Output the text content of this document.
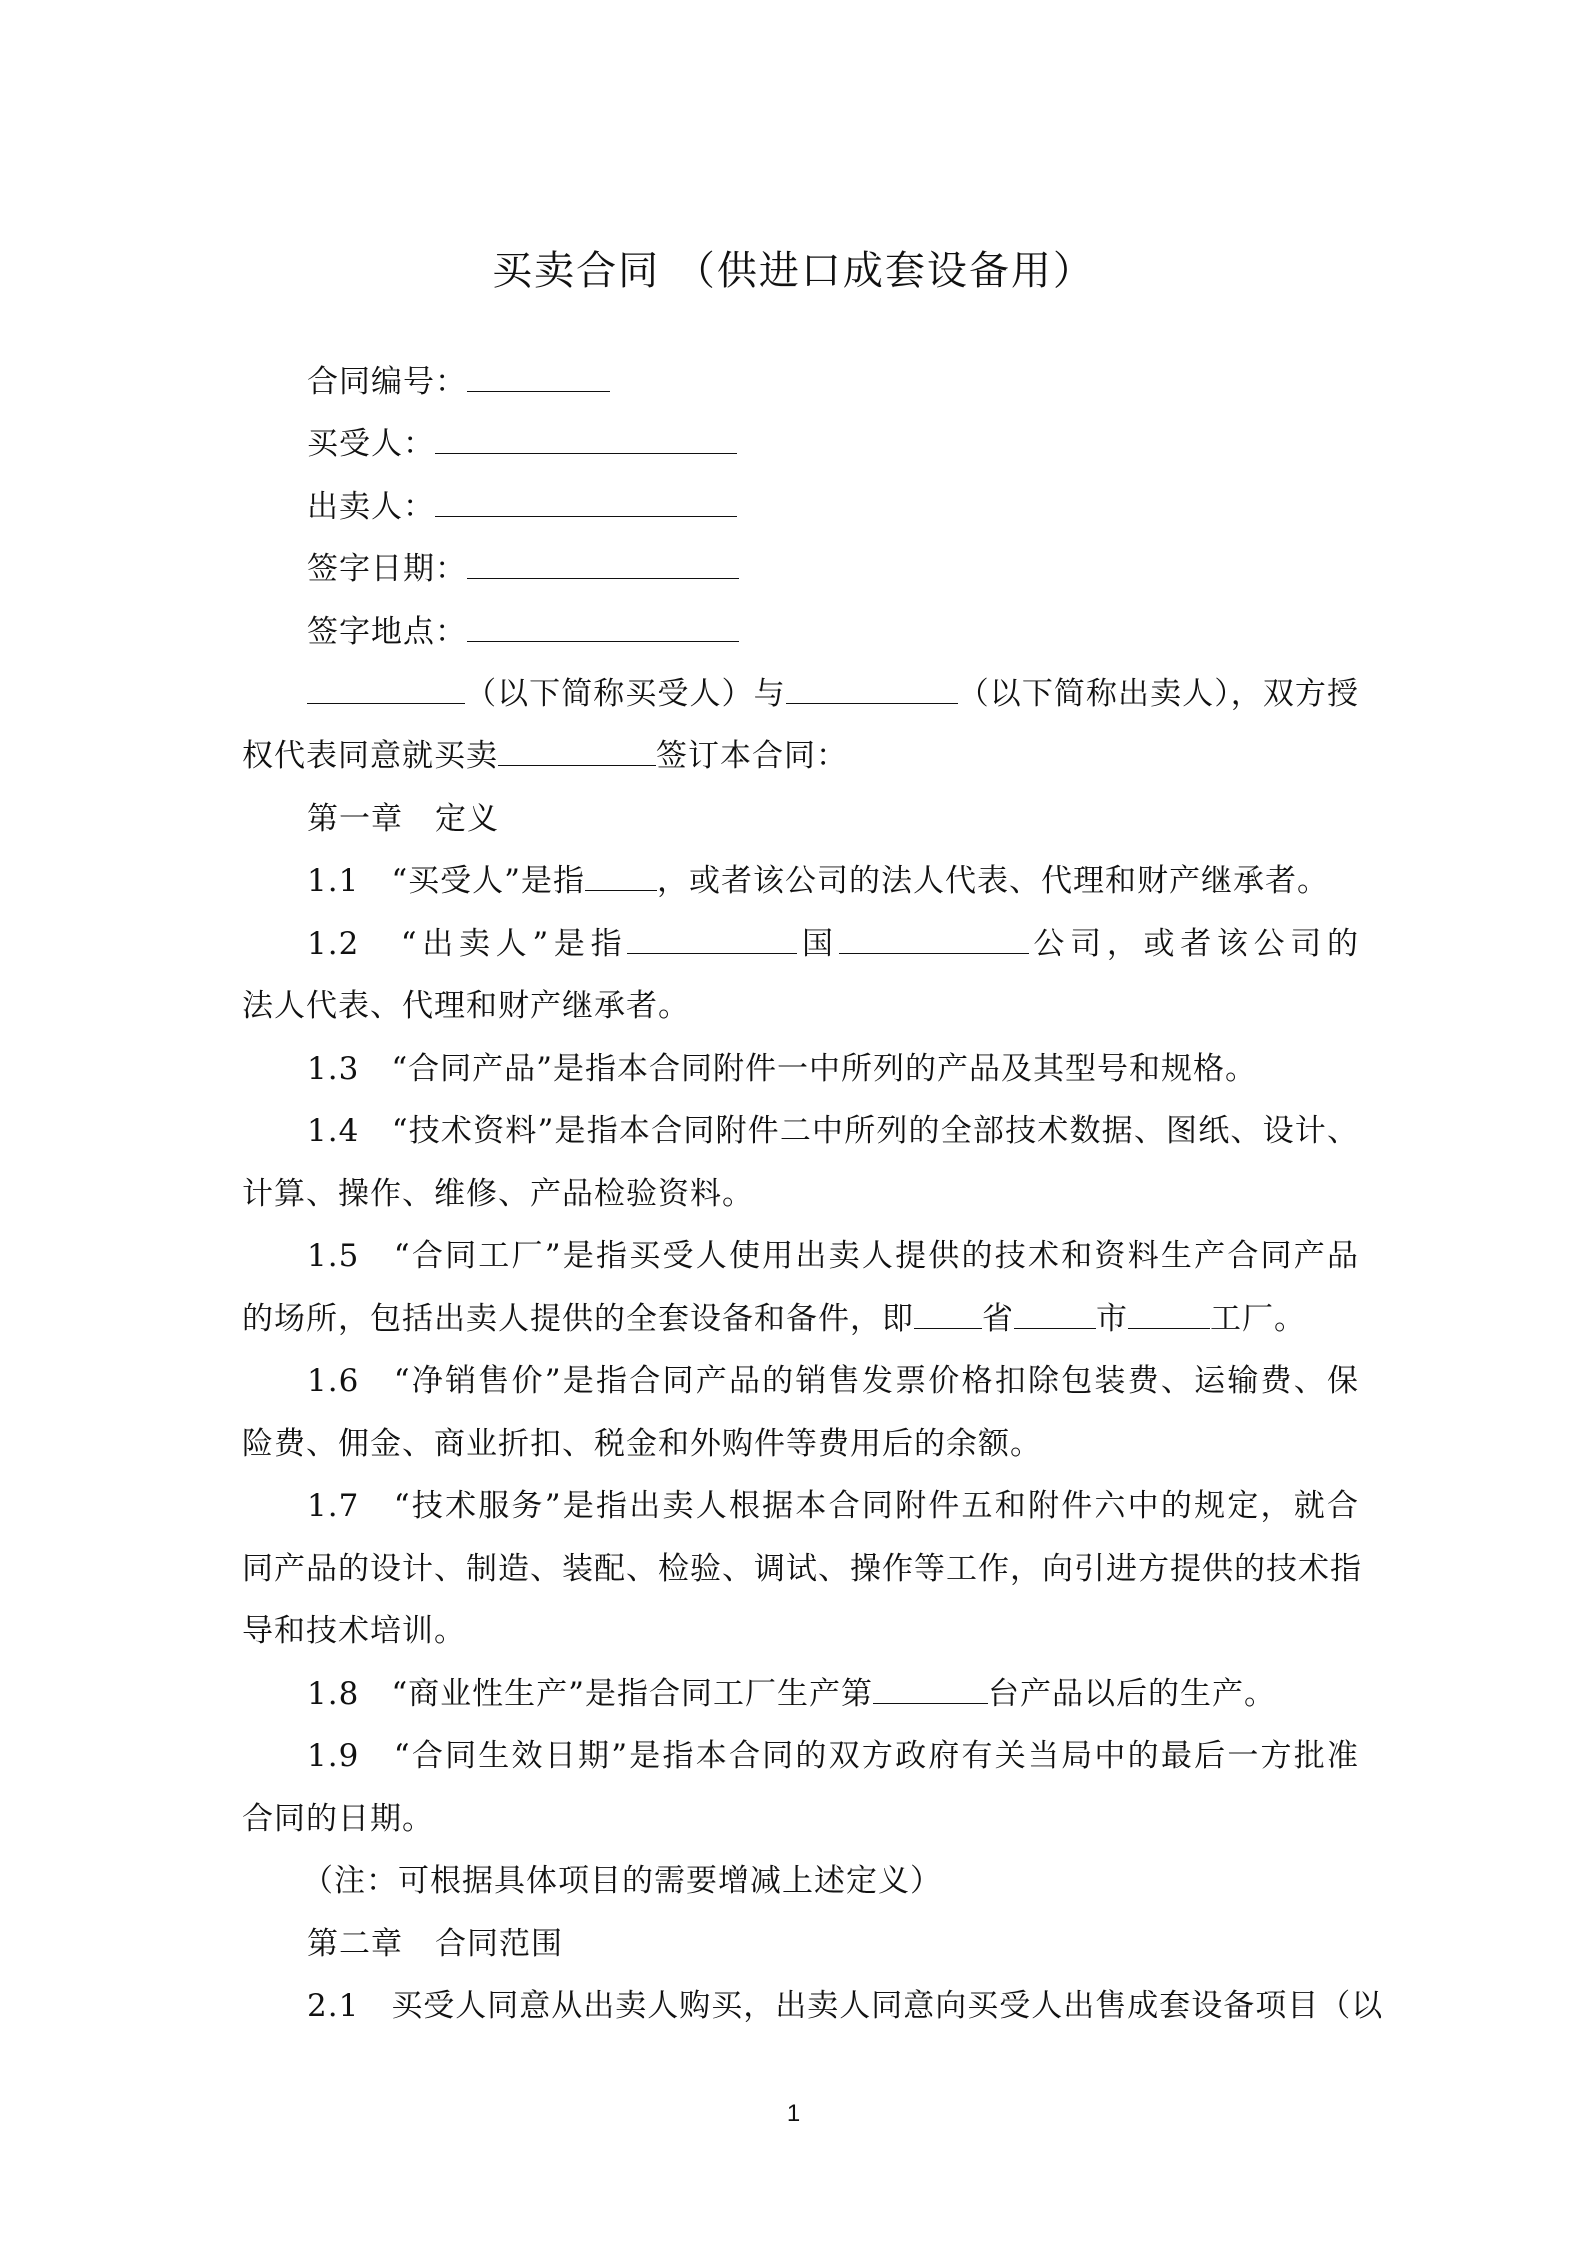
买卖合同 （供进口成套设备用）
合同编号：
买受人：
出卖人：
签字日期：
签字地点：
（以下简称买受人）与	（以下简称出卖人），双方授
权代表同意就买卖	签订本合同：
第一章　定义
1.1　 “买受人”是指 ，或者该公司的法人代表、代理和财产继承者。
1.2　 “出卖人”是指	国	公司，或者该公司的
法人代表、代理和财产继承者。
1.3　 “合同产品”是指本合同附件一中所列的产品及其型号和规格。
1.4　 “技术资料”是指本合同附件二中所列的全部技术数据、图纸、设计、
计算、操作、维修、产品检验资料。
1.5　 “合同工厂”是指买受人使用出卖人提供的技术和资料生产合同产品
的场所，包括出卖人提供的全套设备和备件，即 省	市	工厂。
1.6　 “净销售价”是指合同产品的销售发票价格扣除包装费、运输费、保
险费、佣金、商业折扣、税金和外购件等费用后的余额。
1.7　 “技术服务”是指出卖人根据本合同附件五和附件六中的规定，就合
同产品的设计、制造、装配、检验、调试、操作等工作，向引进方提供的技术指
导和技术培训。
1.8　 “商业性生产”是指合同工厂生产第	台产品以后的生产。
1.9　 “合同生效日期”是指本合同的双方政府有关当局中的最后一方批准
合同的日期。
（注：可根据具体项目的需要增减上述定义）
第二章　合同范围
2.1　 买受人同意从出卖人购买，出卖人同意向买受人出售成套设备项目（以
1
